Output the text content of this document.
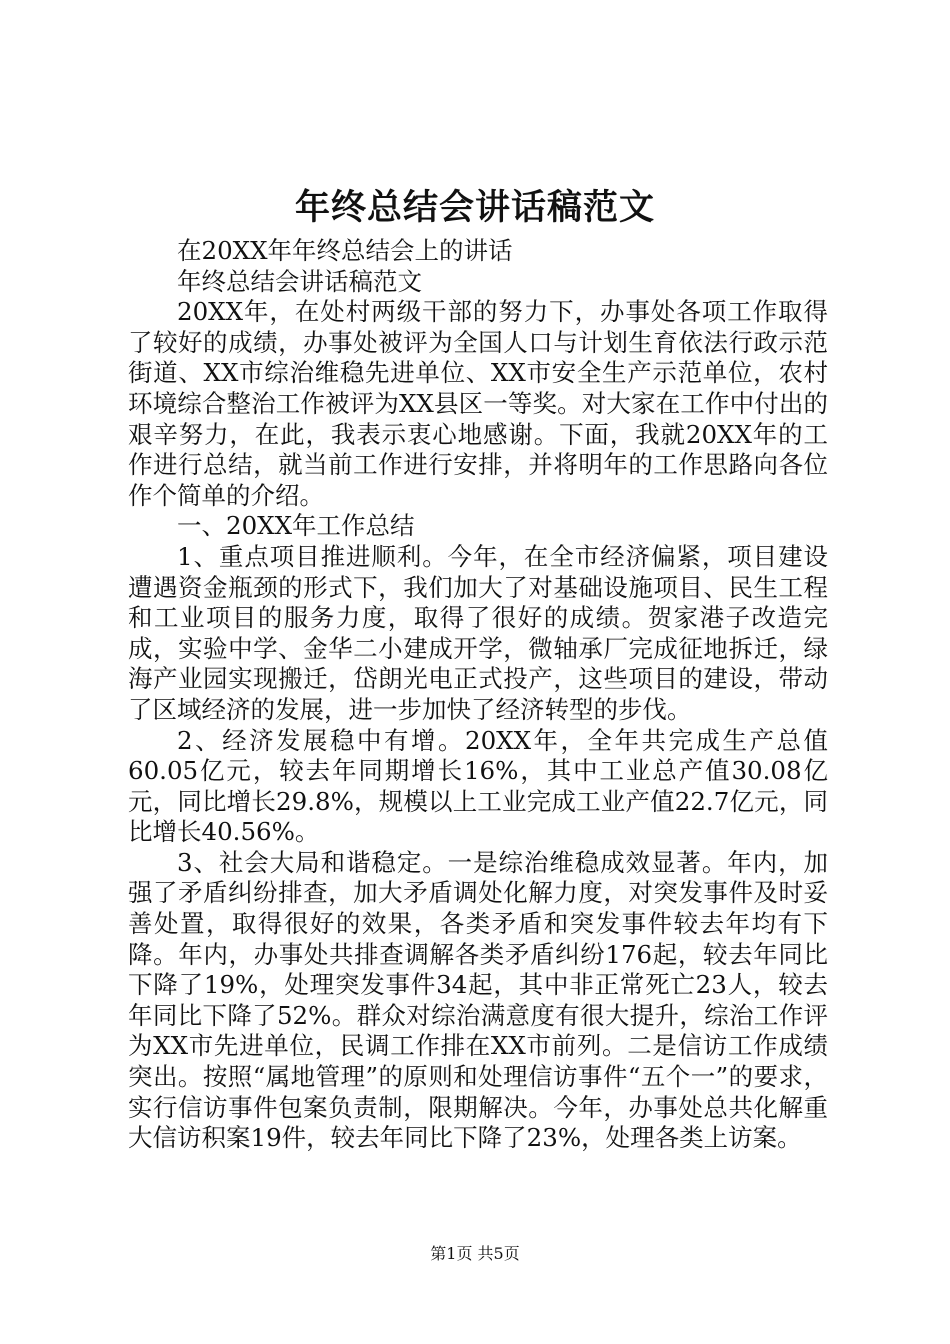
年终总结会讲话稿范文

在20XX年年终总结会上的讲话

年终总结会讲话稿范文

20XX年，在处村两级干部的努力下，办事处各项工作取得了较好的成绩，办事处被评为全国人口与计划生育依法行政示范街道、XX市综治维稳先进单位、XX市安全生产示范单位，农村环境综合整治工作被评为XX县区一等奖。对大家在工作中付出的艰辛努力，在此，我表示衷心地感谢。下面，我就20XX年的工作进行总结，就当前工作进行安排，并将明年的工作思路向各位作个简单的介绍。

一、20XX年工作总结

1、重点项目推进顺利。今年，在全市经济偏紧，项目建设遭遇资金瓶颈的形式下，我们加大了对基础设施项目、民生工程和工业项目的服务力度，取得了很好的成绩。贺家港子改造完成，实验中学、金华二小建成开学，微轴承厂完成征地拆迁，绿海产业园实现搬迁，岱朗光电正式投产，这些项目的建设，带动了区域经济的发展，进一步加快了经济转型的步伐。

2、经济发展稳中有增。20XX年，全年共完成生产总值60.05亿元，较去年同期增长16%，其中工业总产值30.08亿元，同比增长29.8%，规模以上工业完成工业产值22.7亿元，同比增长40.56%。

3、社会大局和谐稳定。一是综治维稳成效显著。年内，加强了矛盾纠纷排查，加大矛盾调处化解力度，对突发事件及时妥善处置，取得很好的效果，各类矛盾和突发事件较去年均有下降。年内，办事处共排查调解各类矛盾纠纷176起，较去年同比下降了19%，处理突发事件34起，其中非正常死亡23人，较去年同比下降了52%。群众对综治满意度有很大提升，综治工作评为XX市先进单位，民调工作排在XX市前列。二是信访工作成绩突出。按照“属地管理”的原则和处理信访事件“五个一”的要求，实行信访事件包案负责制，限期解决。今年，办事处总共化解重大信访积案19件，较去年同比下降了23%，处理各类上访案。

第1页 共5页
